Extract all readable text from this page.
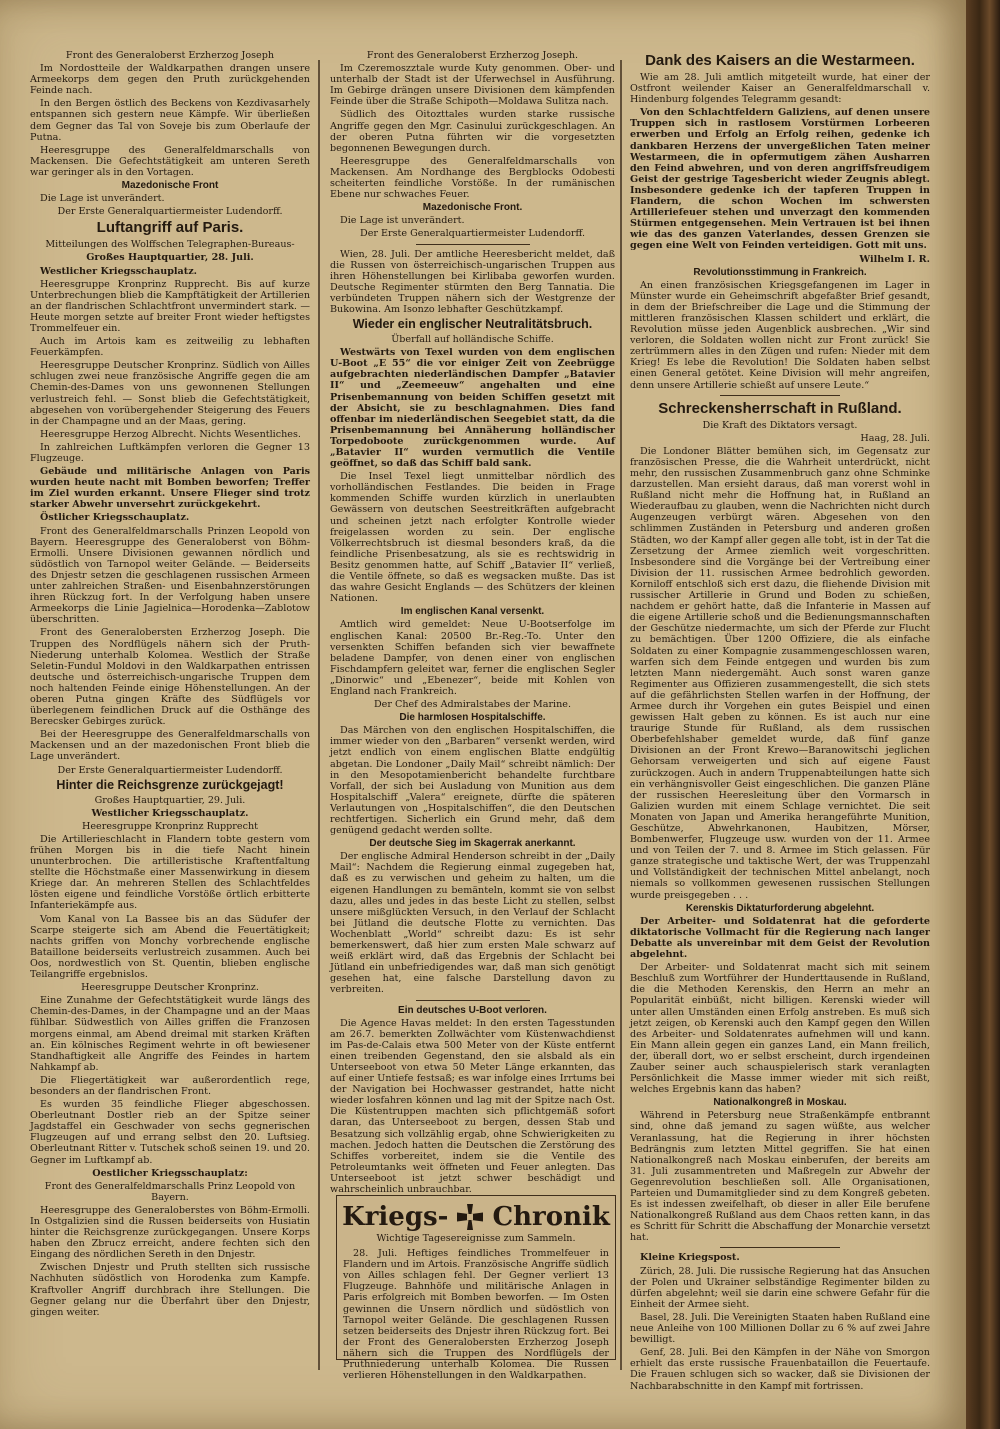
Front des Generaloberst Erzherzog Joseph

Im Nordostteile der Waldkarpathen drangen unsere Armeekorps dem gegen den Pruth zurückgehenden Feinde nach.

In den Bergen östlich des Beckens von Kezdivasarhely entspannen sich gestern neue Kämpfe. Wir überließen dem Gegner das Tal von Soveje bis zum Oberlaufe der Putna.

Heeresgruppe des Generalfeldmarschalls von Mackensen. Die Gefechtstätigkeit am unteren Sereth war geringer als in den Vortagen.

Mazedonische Front

Die Lage ist unverändert.

Der Erste Generalquartiermeister Ludendorff.

Luftangriff auf Paris.

Mitteilungen des Wolffschen Telegraphen-Bureaus-

Großes Hauptquartier, 28. Juli.

Westlicher Kriegsschauplatz.

Heeresgruppe Kronprinz Rupprecht. Bis auf kurze Unterbrechungen blieb die Kampftätigkeit der Artillerien an der flandrischen Schlachtfront unvermindert stark. — Heute morgen setzte auf breiter Front wieder heftigstes Trommelfeuer ein.

Auch im Artois kam es zeitweilig zu lebhaften Feuerkämpfen.

Heeresgruppe Deutscher Kronprinz. Südlich von Ailles schlugen zwei neue französische Angriffe gegen die am Chemin-des-Dames von uns gewonnenen Stellungen verlustreich fehl. — Sonst blieb die Gefechtstätigkeit, abgesehen von vorübergehender Steigerung des Feuers in der Champagne und an der Maas, gering.

Heeresgruppe Herzog Albrecht. Nichts Wesentliches.

In zahlreichen Luftkämpfen verloren die Gegner 13 Flugzeuge.

Gebäude und militärische Anlagen von Paris wurden heute nacht mit Bomben beworfen; Treffer im Ziel wurden erkannt. Unsere Flieger sind trotz starker Abwehr unversehrt zurückgekehrt.

Östlicher Kriegsschauplatz.

Front des Generalfeldmarschalls Prinzen Leopold von Bayern. Heeresgruppe des Generaloberst von Böhm-Ermolli. Unsere Divisionen gewannen nördlich und südöstlich von Tarnopol weiter Gelände. — Beiderseits des Dnjestr setzen die geschlagenen russischen Armeen unter zahlreichen Straßen- und Eisenbahnzerstörungen ihren Rückzug fort. In der Verfolgung haben unsere Armeekorps die Linie Jagielnica—Horodenka—Zablotow überschritten.

Front des Generalobersten Erzherzog Joseph. Die Truppen des Nordflügels nähern sich der Pruth-Niederung unterhalb Kolomea. Westlich der Straße Seletin-Fundul Moldovi in den Waldkarpathen entrissen deutsche und österreichisch-ungarische Truppen dem noch haltenden Feinde einige Höhenstellungen. An der oberen Putna gingen Kräfte des Südflügels vor überlegenem feindlichen Druck auf die Osthänge des Berecsker Gebirges zurück.

Bei der Heeresgruppe des Generalfeldmarschalls von Mackensen und an der mazedonischen Front blieb die Lage unverändert.

Der Erste Generalquartiermeister Ludendorff.

Hinter die Reichsgrenze zurückgejagt!

Großes Hauptquartier, 29. Juli.

Westlicher Kriegsschauplatz.

Heeresgruppe Kronprinz Rupprecht

Die Artillerieschlacht in Flandern tobte gestern vom frühen Morgen bis in die tiefe Nacht hinein ununterbrochen. Die artilleristische Kraftentfaltung stellte die Höchstmaße einer Massenwirkung in diesem Kriege dar. An mehreren Stellen des Schlachtfeldes lösten eigene und feindliche Vorstöße örtlich erbitterte Infanteriekämpfe aus.

Vom Kanal von La Bassee bis an das Südufer der Scarpe steigerte sich am Abend die Feuertätigkeit; nachts griffen von Monchy vorbrechende englische Bataillone beiderseits verlustreich zusammen. Auch bei Oos, nordwestlich von St. Quentin, blieben englische Teilangriffe ergebnislos.

Heeresgruppe Deutscher Kronprinz.

Eine Zunahme der Gefechtstätigkeit wurde längs des Chemin-des-Dames, in der Champagne und an der Maas fühlbar. Südwestlich von Ailles griffen die Franzosen morgens einmal, am Abend dreimal mit starken Kräften an. Ein kölnisches Regiment wehrte in oft bewiesener Standhaftigkeit alle Angriffe des Feindes in hartem Nahkampf ab.

Die Fliegertätigkeit war außerordentlich rege, besonders an der flandrischen Front.

Es wurden 35 feindliche Flieger abgeschossen. Oberleutnant Dostler rieb an der Spitze seiner Jagdstaffel ein Geschwader von sechs gegnerischen Flugzeugen auf und errang selbst den 20. Luftsieg. Oberleutnant Ritter v. Tutschek schoß seinen 19. und 20. Gegner im Luftkampf ab.

Oestlicher Kriegsschauplatz:

Front des Generalfeldmarschalls Prinz Leopold von Bayern.

Heeresgruppe des Generaloberstes von Böhm-Ermolli. In Ostgalizien sind die Russen beiderseits von Husiatin hinter die Reichsgrenze zurückgegangen. Unsere Korps haben den Zbrucz erreicht, andere fechten sich den Eingang des nördlichen Sereth in den Dnjestr.

Zwischen Dnjestr und Pruth stellten sich russische Nachhuten südöstlich von Horodenka zum Kampfe. Kraftvoller Angriff durchbrach ihre Stellungen. Die Gegner gelang nur die Überfahrt über den Dnjestr, gingen weiter.

Front des Generaloberst Erzherzog Joseph.

Im Czeremoszztale wurde Kuty genommen. Ober- und unterhalb der Stadt ist der Uferwechsel in Ausführung. Im Gebirge drängen unsere Divisionen dem kämpfenden Feinde über die Straße Schipoth—Moldawa Sulitza nach.

Südlich des Oitozttales wurden starke russische Angriffe gegen den Mgr. Casinului zurückgeschlagen. An der oberen Putna führten wir die vorgesetzten begonnenen Bewegungen durch.

Heeresgruppe des Generalfeldmarschalls von Mackensen. Am Nordhange des Bergblocks Odobesti scheiterten feindliche Vorstöße. In der rumänischen Ebene nur schwaches Feuer.

Mazedonische Front.

Die Lage ist unverändert.

Der Erste Generalquartiermeister Ludendorff.

Wien, 28. Juli. Der amtliche Heeresbericht meldet, daß die Russen von österreichisch-ungarischen Truppen aus ihren Höhenstellungen bei Kirlibaba geworfen wurden. Deutsche Regimenter stürmten den Berg Tannatia. Die verbündeten Truppen nähern sich der Westgrenze der Bukowina. Am Isonzo lebhafter Geschützkampf.

Wieder ein englischer Neutralitätsbruch.

Überfall auf holländische Schiffe.

Westwärts von Texel wurden von dem englischen U-Boot „E 55“ die vor einiger Zeit von Zeebrügge aufgebrachten niederländischen Dampfer „Batavier II“ und „Zeemeeuw“ angehalten und eine Prisenbemannung von beiden Schiffen gesetzt mit der Absicht, sie zu beschlagnahmen. Dies fand offenbar im niederländischen Seegebiet statt, da die Prisenbemannung bei Annäherung holländischer Torpedoboote zurückgenommen wurde. Auf „Batavier II“ wurden vermutlich die Ventile geöffnet, so daß das Schiff bald sank.

Die Insel Texel liegt unmittelbar nördlich des vorholländischen Festlandes. Die beiden in Frage kommenden Schiffe wurden kürzlich in unerlaubten Gewässern von deutschen Seestreitkräften aufgebracht und scheinen jetzt nach erfolgter Kontrolle wieder freigelassen worden zu sein. Der englische Völkerrechtsbruch ist diesmal besonders kraß, da die feindliche Prisenbesatzung, als sie es rechtswidrig in Besitz genommen hatte, auf Schiff „Batavier II“ verließ, die Ventile öffnete, so daß es wegsacken mußte. Das ist das wahre Gesicht Englands — des Schützers der kleinen Nationen.

Im englischen Kanal versenkt.

Amtlich wird gemeldet: Neue U-Bootserfolge im englischen Kanal: 20500 Br.-Reg.-To. Unter den versenkten Schiffen befanden sich vier bewaffnete beladene Dampfer, von denen einer von englischen Fischdampfern geleitet war, ferner die englischen Segler „Dinorwic“ und „Ebenezer“, beide mit Kohlen von England nach Frankreich.

Der Chef des Admiralstabes der Marine.

Die harmlosen Hospitalschiffe.

Das Märchen von den englischen Hospitalschiffen, die immer wieder von den „Barbaren“ versenkt werden, wird jetzt endlich von einem englischen Blatte endgültig abgetan. Die Londoner „Daily Mail“ schreibt nämlich: Der in den Mesopotamienbericht behandelte furchtbare Vorfall, der sich bei Ausladung von Munition aus dem Hospitalschiff „Valera“ ereignete, dürfte die späteren Verlautungen von „Hospitalschiffen“, die den Deutschen rechtfertigen. Sicherlich ein Grund mehr, daß dem genügend gedacht werden sollte.

Der deutsche Sieg im Skagerrak anerkannt.

Der englische Admiral Henderson schreibt in der „Daily Mail“: Nachdem die Regierung einmal zugegeben hat, daß es zu verwischen und geheim zu halten, um die eigenen Handlungen zu bemänteln, kommt sie von selbst dazu, alles und jedes in das beste Licht zu stellen, selbst unsere mißglückten Versuch, in den Verlauf der Schlacht bei Jütland die deutsche Flotte zu vernichten. Das Wochenblatt „World“ schreibt dazu: Es ist sehr bemerkenswert, daß hier zum ersten Male schwarz auf weiß erklärt wird, daß das Ergebnis der Schlacht bei Jütland ein unbefriedigendes war, daß man sich genötigt gesehen hat, eine falsche Darstellung davon zu verbreiten.

Ein deutsches U-Boot verloren.

Die Agence Havas meldet: In den ersten Tagesstunden am 26.7. bemerkten Zollwächter vom Küstenwachdienst im Pas-de-Calais etwa 500 Meter von der Küste entfernt einen treibenden Gegenstand, den sie alsbald als ein Unterseeboot von etwa 50 Meter Länge erkannten, das auf einer Untiefe festsaß; es war infolge eines Irrtums bei der Navigation bei Hochwasser gestrandet, hatte nicht wieder losfahren können und lag mit der Spitze nach Ost. Die Küstentruppen machten sich pflichtgemäß sofort daran, das Unterseeboot zu bergen, dessen Stab und Besatzung sich vollzählig ergab, ohne Schwierigkeiten zu machen. Jedoch hatten die Deutschen die Zerstörung des Schiffes vorbereitet, indem sie die Ventile des Petroleumtanks weit öffneten und Feuer anlegten. Das Unterseeboot ist jetzt schwer beschädigt und wahrscheinlich unbrauchbar.

Kriegs- Chronik
Wichtige Tagesereignisse zum Sammeln.

28. Juli. Heftiges feindliches Trommelfeuer in Flandern und im Artois. Französische Angriffe südlich von Ailles schlagen fehl. Der Gegner verliert 13 Flugzeuge. Bahnhöfe und militärische Anlagen in Paris erfolgreich mit Bomben beworfen. — Im Osten gewinnen die Unsern nördlich und südöstlich von Tarnopol weiter Gelände. Die geschlagenen Russen setzen beiderseits des Dnjestr ihren Rückzug fort. Bei der Front des Generalobersten Erzherzog Joseph nähern sich die Truppen des Nordflügels der Pruthniederung unterhalb Kolomea. Die Russen verlieren Höhenstellungen in den Waldkarpathen.

Dank des Kaisers an die Westarmeen.

Wie am 28. Juli amtlich mitgeteilt wurde, hat einer der Ostfront weilender Kaiser an Generalfeldmarschall v. Hindenburg folgendes Telegramm gesandt:

Von den Schlachtfeldern Galiziens, auf denen unsere Truppen sich in rastlosem Vorstürmen Lorbeeren erwerben und Erfolg an Erfolg reihen, gedenke ich dankbaren Herzens der unvergeßlichen Taten meiner Westarmeen, die in opfermutigem zähen Ausharren den Feind abwehren, und von deren angriffsfreudigem Geist der gestrige Tagesbericht wieder Zeugnis ablegt. Insbesondere gedenke ich der tapferen Truppen in Flandern, die schon Wochen im schwersten Artilleriefeuer stehen und unverzagt den kommenden Stürmen entgegensehen. Mein Vertrauen ist bei ihnen wie das des ganzen Vaterlandes, dessen Grenzen sie gegen eine Welt von Feinden verteidigen. Gott mit uns.

Wilhelm I. R.

Revolutionsstimmung in Frankreich.

An einen französischen Kriegsgefangenen im Lager in Münster wurde ein Geheimschrift abgefaßter Brief gesandt, in dem der Briefschreiber die Lage und die Stimmung der mittleren französischen Klassen schildert und erklärt, die Revolution müsse jeden Augenblick ausbrechen. „Wir sind verloren, die Soldaten wollen nicht zur Front zurück! Sie zertrümmern alles in den Zügen und rufen: Nieder mit dem Krieg! Es lebe die Revolution! Die Soldaten haben selbst einen General getötet. Keine Division will mehr angreifen, denn unsere Artillerie schießt auf unsere Leute.“

Schreckensherrschaft in Rußland.

Die Kraft des Diktators versagt.

Haag, 28. Juli.

Die Londoner Blätter bemühen sich, im Gegensatz zur französischen Presse, die die Wahrheit unterdrückt, nicht mehr, den russischen Zusammenbruch ganz ohne Schminke darzustellen. Man ersieht daraus, daß man vorerst wohl in Rußland nicht mehr die Hoffnung hat, in Rußland an Wiederaufbau zu glauben, wenn die Nachrichten nicht durch Augenzeugen verbürgt wären. Abgesehen von den schlimmen Zuständen in Petersburg und anderen großen Städten, wo der Kampf aller gegen alle tobt, ist in der Tat die Zersetzung der Armee ziemlich weit vorgeschritten. Insbesondere sind die Vorgänge bei der Vertreibung einer Division der 11. russischen Armee bedrohlich geworden. Korniloff entschloß sich erst dazu, die fliehende Division mit russischer Artillerie in Grund und Boden zu schießen, nachdem er gehört hatte, daß die Infanterie in Massen auf die eigene Artillerie schoß und die Bedienungsmannschaften der Geschütze niedermachte, um sich der Pferde zur Flucht zu bemächtigen. Über 1200 Offiziere, die als einfache Soldaten zu einer Kompagnie zusammengeschlossen waren, warfen sich dem Feinde entgegen und wurden bis zum letzten Mann niedergemäht. Auch sonst waren ganze Regimenter aus Offizieren zusammengestellt, die sich stets auf die gefährlichsten Stellen warfen in der Hoffnung, der Armee durch ihr Vorgehen ein gutes Beispiel und einen gewissen Halt geben zu können. Es ist auch nur eine traurige Stunde für Rußland, als dem russischen Oberbefehlshaber gemeldet wurde, daß fünf ganze Divisionen an der Front Krewo—Baranowitschi jeglichen Gehorsam verweigerten und sich auf eigene Faust zurückzogen. Auch in andern Truppenabteilungen hatte sich ein verhängnisvoller Geist eingeschlichen. Die ganzen Pläne der russischen Heeresleitung über den Vormarsch in Galizien wurden mit einem Schlage vernichtet. Die seit Monaten von Japan und Amerika herangeführte Munition, Geschütze, Abwehrkanonen, Haubitzen, Mörser, Bombenwerfer, Flugzeuge usw. wurden von der 11. Armee und von Teilen der 7. und 8. Armee im Stich gelassen. Für ganze strategische und taktische Wert, der was Truppenzahl und Vollständigkeit der technischen Mittel anbelangt, noch niemals so vollkommen gewesenen russischen Stellungen wurde preisgegeben . . .

Kerenskis Diktaturforderung abgelehnt.

Der Arbeiter- und Soldatenrat hat die geforderte diktatorische Vollmacht für die Regierung nach langer Debatte als unvereinbar mit dem Geist der Revolution abgelehnt.

Der Arbeiter- und Soldatenrat macht sich mit seinem Beschluß zum Wortführer der Hunderttausende in Rußland, die die Methoden Kerenskis, den Herrn an mehr an Popularität einbüßt, nicht billigen. Kerenski wieder will unter allen Umständen einen Erfolg anstreben. Es muß sich jetzt zeigen, ob Kerenski auch den Kampf gegen den Willen des Arbeiter- und Soldatenrates aufnehmen will und kann. Ein Mann allein gegen ein ganzes Land, ein Mann freilich, der, überall dort, wo er selbst erscheint, durch irgendeinen Zauber seiner auch schauspielerisch stark veranlagten Persönlichkeit die Masse immer wieder mit sich reißt, welches Ergebnis kann das haben?

Nationalkongreß in Moskau.

Während in Petersburg neue Straßenkämpfe entbrannt sind, ohne daß jemand zu sagen wüßte, aus welcher Veranlassung, hat die Regierung in ihrer höchsten Bedrängnis zum letzten Mittel gegriffen. Sie hat einen Nationalkongreß nach Moskau einberufen, der bereits am 31. Juli zusammentreten und Maßregeln zur Abwehr der Gegenrevolution beschließen soll. Alle Organisationen, Parteien und Dumamitglieder sind zu dem Kongreß gebeten. Es ist indessen zweifelhaft, ob dieser in aller Eile berufene Nationalkongreß Rußland aus dem Chaos retten kann, in das es Schritt für Schritt die Abschaffung der Monarchie versetzt hat.

Kleine Kriegspost.

Zürich, 28. Juli. Die russische Regierung hat das Ansuchen der Polen und Ukrainer selbständige Regimenter bilden zu dürfen abgelehnt; weil sie darin eine schwere Gefahr für die Einheit der Armee sieht.

Basel, 28. Juli. Die Vereinigten Staaten haben Rußland eine neue Anleihe von 100 Millionen Dollar zu 6 % auf zwei Jahre bewilligt.

Genf, 28. Juli. Bei den Kämpfen in der Nähe von Smorgon erhielt das erste russische Frauenbataillon die Feuertaufe. Die Frauen schlugen sich so wacker, daß sie Divisionen der Nachbarabschnitte in den Kampf mit fortrissen.
